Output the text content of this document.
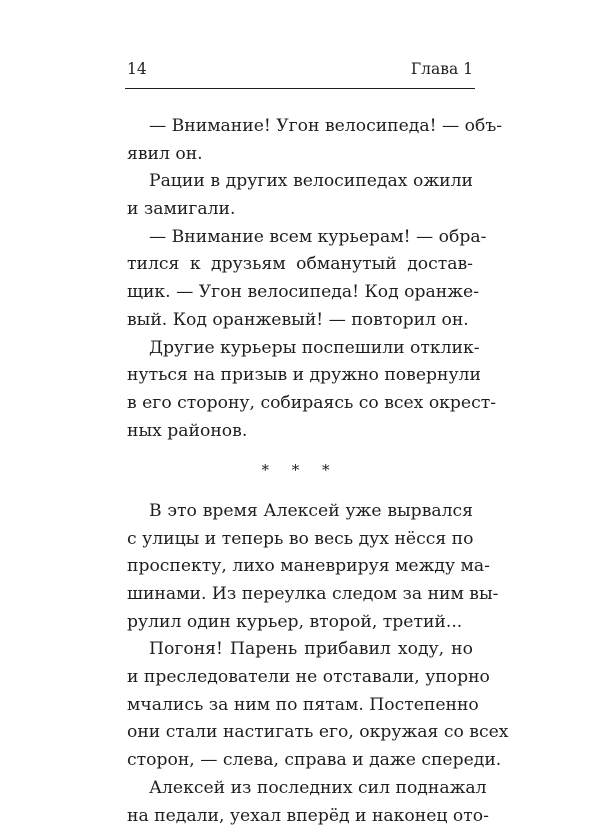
14	Глава 1
— Внимание! Угон велосипеда! — объ-
явил он.
Рации в других велосипедах ожили
и замигали.
— Внимание всем курьерам! — обра-
тился к друзьям обманутый достав-
щик. — Угон велосипеда! Код оранже-
вый. Код оранжевый! — повторил он.
Другие курьеры поспешили отклик-
нуться на призыв и дружно повернули
в его сторону, собираясь со всех окрест-
ных районов.
* * *
В это время Алексей уже вырвался
с улицы и теперь во весь дух нёсся по
проспекту, лихо маневрируя между ма-
шинами. Из переулка следом за ним вы-
рулил один курьер, второй, третий...
Погоня! Парень прибавил ходу, но
и преследователи не отставали, упорно
мчались за ним по пятам. Постепенно
они стали настигать его, окружая со всех
сторон, — слева, справа и даже спереди.
Алексей из последних сил поднажал
на педали, уехал вперёд и наконец ото-
